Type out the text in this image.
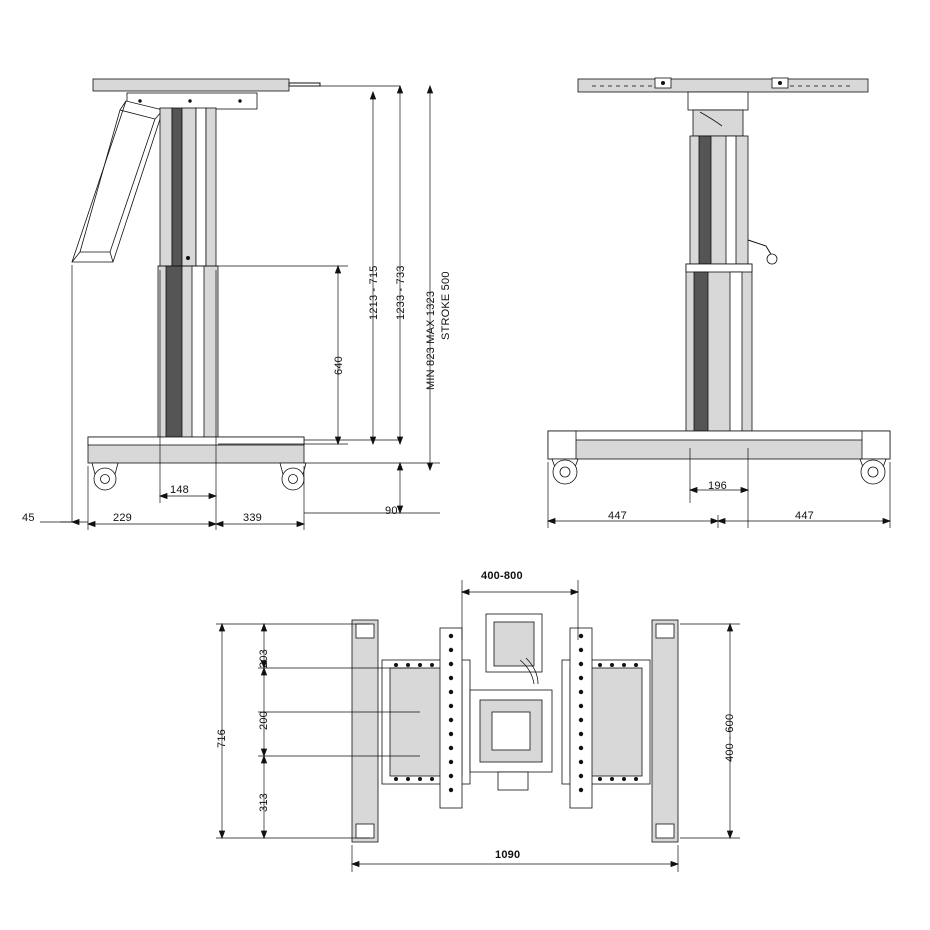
1213 - 715 1233 - 733 MIN 823 MAX 1323 STROKE 500
640
148
45	229	339
90
196
447	447
400-800
203
200
313
716	400 - 600
1090
